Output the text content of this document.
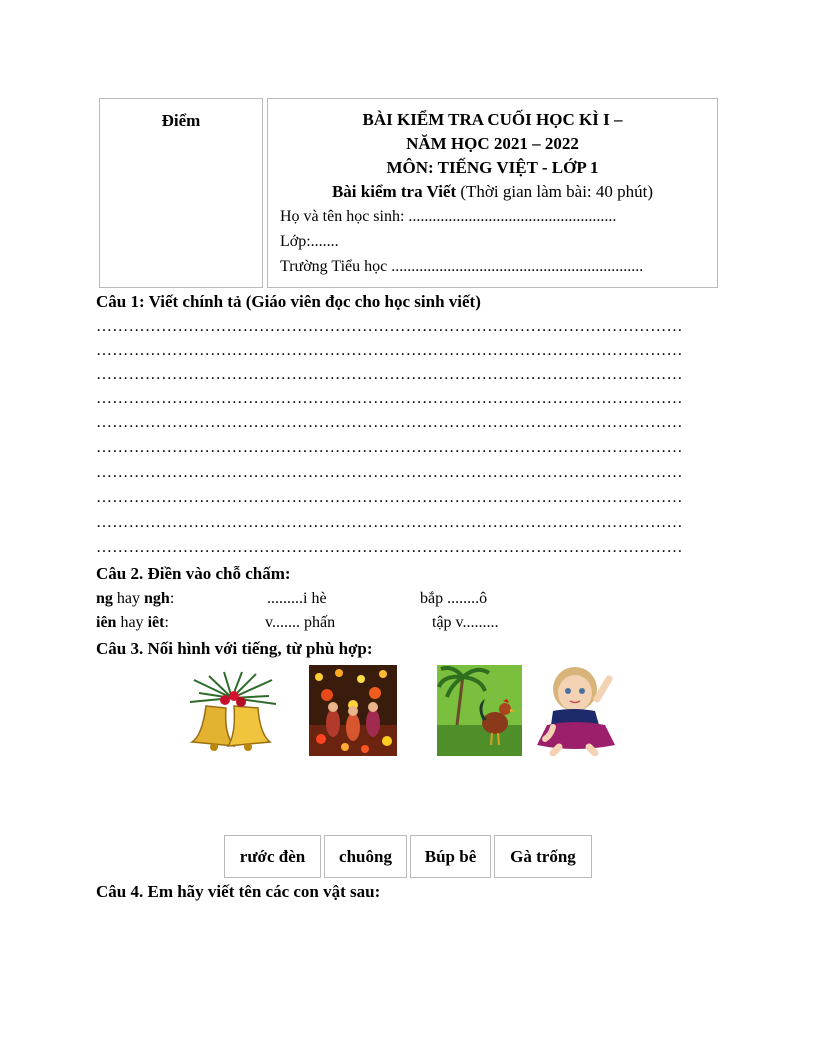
Điểm	BÀI KIỂM TRA CUỐI HỌC KÌ I –
NĂM HỌC 2021 – 2022
MÔN: TIẾNG VIỆT - LỚP 1
Bài kiểm tra Viết (Thời gian làm bài: 40 phút)
Họ và tên học sinh: ....................................................
Lớp:.......
Trường Tiểu học ...............................................................
Câu 1: Viết chính tả (Giáo viên đọc cho học sinh viết)
………………………………………………………………………………………………
………………………………………………………………………………………………
………………………………………………………………………………………………
………………………………………………………………………………………………
………………………………………………………………………………………………
………………………………………………………………………………………………
………………………………………………………………………………………………
………………………………………………………………………………………………
………………………………………………………………………………………………
………………………………………………………………………………………………
Câu 2. Điền vào chỗ chấm:
ng hay ngh:	.........i hè	bắp ........ô
iên hay iêt:	v....... phấn	tập v.........
Câu 3. Nối hình với tiếng, từ phù hợp:
rước đèn	chuông	Búp bê	Gà trống
Câu 4. Em hãy viết tên các con vật sau:
